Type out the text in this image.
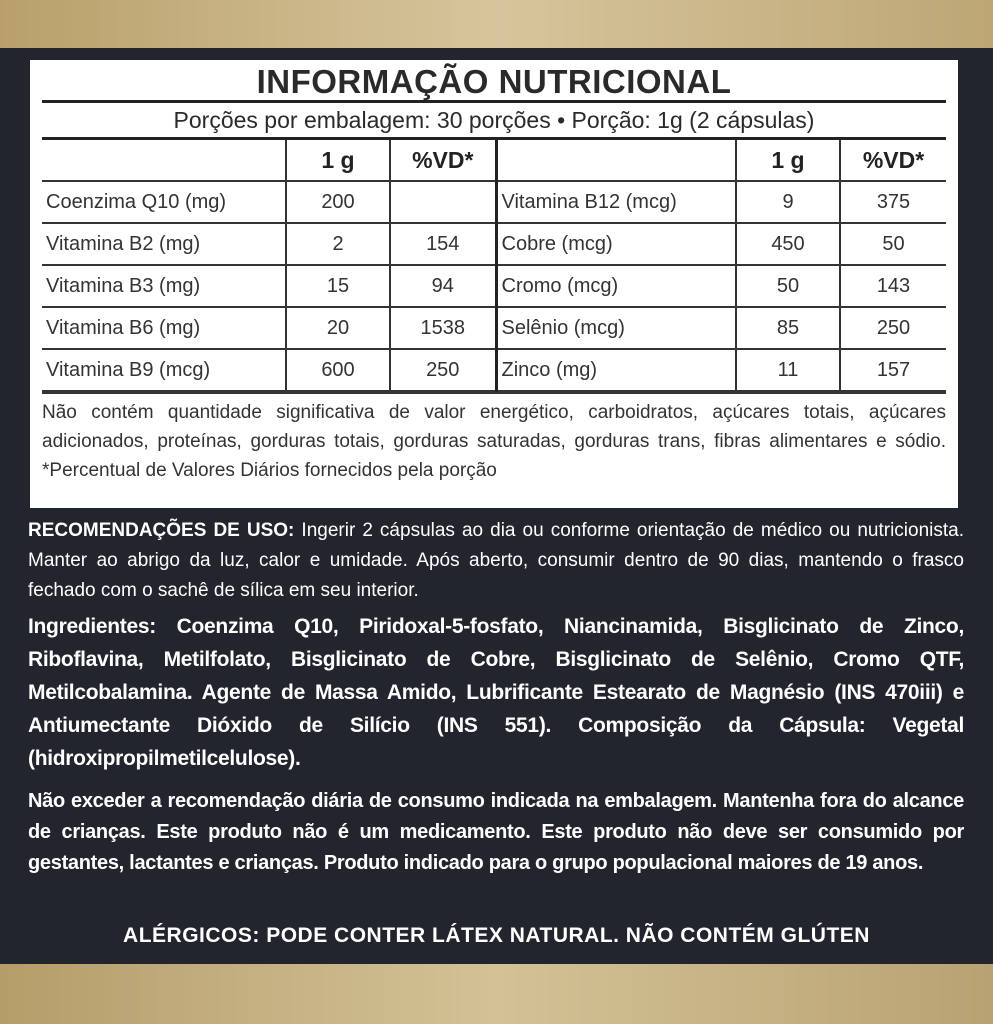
INFORMAÇÃO NUTRICIONAL
Porções por embalagem: 30 porções • Porção: 1g (2 cápsulas)
	1 g	%VD*		1 g	%VD*
Coenzima Q10 (mg)	200		Vitamina B12 (mcg)	9	375
Vitamina B2 (mg)	2	154	Cobre (mcg)	450	50
Vitamina B3 (mg)	15	94	Cromo (mcg)	50	143
Vitamina B6 (mg)	20	1538	Selênio (mcg)	85	250
Vitamina B9 (mcg)	600	250	Zinco (mg)	11	157
Não contém quantidade significativa de valor energético, carboidratos, açúcares totais, açúcares adicionados, proteínas, gorduras totais, gorduras saturadas, gorduras trans, fibras alimentares e sódio. *Percentual de Valores Diários fornecidos pela porção
RECOMENDAÇÕES DE USO: Ingerir 2 cápsulas ao dia ou conforme orientação de médico ou nutricionista. Manter ao abrigo da luz, calor e umidade. Após aberto, consumir dentro de 90 dias, mantendo o frasco fechado com o sachê de sílica em seu interior.
Ingredientes: Coenzima Q10, Piridoxal-5-fosfato, Niancinamida, Bisglicinato de Zinco, Riboflavina, Metilfolato, Bisglicinato de Cobre, Bisglicinato de Selênio, Cromo QTF, Metilcobalamina. Agente de Massa Amido, Lubrificante Estearato de Magnésio (INS 470iii) e Antiumectante Dióxido de Silício (INS 551). Composição da Cápsula: Vegetal (hidroxipropilmetilcelulose).
Não exceder a recomendação diária de consumo indicada na embalagem. Mantenha fora do alcance de crianças. Este produto não é um medicamento. Este produto não deve ser consumido por gestantes, lactantes e crianças. Produto indicado para o grupo populacional maiores de 19 anos.
ALÉRGICOS: PODE CONTER LÁTEX NATURAL. NÃO CONTÉM GLÚTEN
